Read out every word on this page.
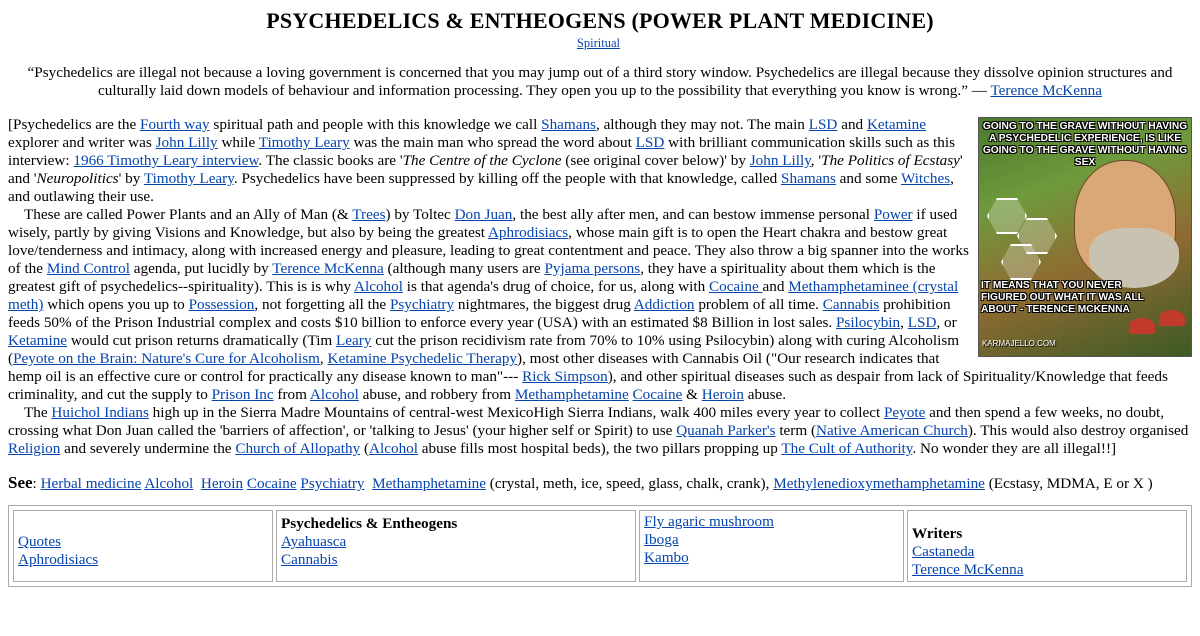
PSYCHEDELICS & ENTHEOGENS (POWER PLANT MEDICINE)
Spiritual
“Psychedelics are illegal not because a loving government is concerned that you may jump out of a third story window. Psychedelics are illegal because they dissolve opinion structures and culturally laid down models of behaviour and information processing. They open you up to the possibility that everything you know is wrong.” — Terence McKenna
GOING TO THE GRAVE WITHOUT HAVING A PSYCHEDELIC EXPERIENCE, IS LIKE GOING TO THE GRAVE WITHOUT HAVING SEX
IT MEANS THAT YOU NEVER FIGURED OUT WHAT IT WAS ALL ABOUT - TERENCE MCKENNA
KARMAJELLO.COM

[Psychedelics are the Fourth way spiritual path and people with this knowledge we call Shamans, although they may not. The main LSD and Ketamine explorer and writer was John Lilly while Timothy Leary was the main man who spread the word about LSD with brilliant communication skills such as this interview: 1966 Timothy Leary interview. The classic books are 'The Centre of the Cyclone (see original cover below)' by John Lilly, 'The Politics of Ecstasy' and 'Neuropolitics' by Timothy Leary. Psychedelics have been suppressed by killing off the people with that knowledge, called Shamans and some Witches, and outlawing their use.

These are called Power Plants and an Ally of Man (& Trees) by Toltec Don Juan, the best ally after men, and can bestow immense personal Power if used wisely, partly by giving Visions and Knowledge, but also by being the greatest Aphrodisiacs, whose main gift is to open the Heart chakra and bestow great love/tenderness and intimacy, along with increased energy and pleasure, leading to great contentment and peace. They also throw a big spanner into the works of the Mind Control agenda, put lucidly by Terence McKenna (although many users are Pyjama persons, they have a spirituality about them which is the greatest gift of psychedelics--spirituality). This is is why Alcohol is that agenda's drug of choice, for us, along with Cocaine and Methamphetaminee (crystal meth) which opens you up to Possession, not forgetting all the Psychiatry nightmares, the biggest drug Addiction problem of all time. Cannabis prohibition feeds 50% of the Prison Industrial complex and costs $10 billion to enforce every year (USA) with an estimated $8 Billion in lost sales. Psilocybin, LSD, or Ketamine would cut prison returns dramatically (Tim Leary cut the prison recidivism rate from 70% to 10% using Psilocybin) along with curing Alcoholism (Peyote on the Brain: Nature's Cure for Alcoholism, Ketamine Psychedelic Therapy), most other diseases with Cannabis Oil ("Our research indicates that hemp oil is an effective cure or control for practically any disease known to man"--- Rick Simpson), and other spiritual diseases such as despair from lack of Spirituality/Knowledge that feeds criminality, and cut the supply to Prison Inc from Alcohol abuse, and robbery from Methamphetamine Cocaine & Heroin abuse.

The Huichol Indians high up in the Sierra Madre Mountains of central-west MexicoHigh Sierra Indians, walk 400 miles every year to collect Peyote and then spend a few weeks, no doubt, crossing what Don Juan called the 'barriers of affection', or 'talking to Jesus' (your higher self or Spirit) to use Quanah Parker's term (Native American Church). This would also destroy organised Religion and severely undermine the Church of Allopathy (Alcohol abuse fills most hospital beds), the two pillars propping up The Cult of Authority. No wonder they are all illegal!!]

See: Herbal medicine Alcohol Heroin Cocaine Psychiatry Methamphetamine (crystal, meth, ice, speed, glass, chalk, crank), Methylenedioxymethamphetamine (Ecstasy, MDMA, E or X )
Quotes
Aphrodisiacs

Psychedelics & Entheogens
Ayahuasca
Cannabis

Fly agaric mushroom
Iboga
Kambo

Writers
Castaneda
Terence McKenna
